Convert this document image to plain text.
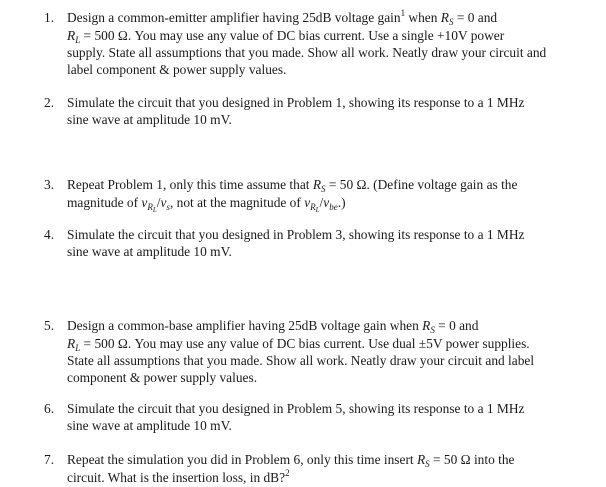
1. Design a common-emitter amplifier having 25dB voltage gain$^1$ when $R_S = 0$ and
$R_L = 500$ Ω. You may use any value of DC bias current. Use a single +10V power
supply. State all assumptions that you made. Show all work. Neatly draw your circuit and
label component & power supply values.
2. Simulate the circuit that you designed in Problem 1, showing its response to a 1 MHz
sine wave at amplitude 10 mV.
3. Repeat Problem 1, only this time assume that $R_S = 50$ Ω. (Define voltage gain as the
magnitude of $v_{RL}/v_s$, not at the magnitude of $v_{RL}/v_{be}$.)
4. Simulate the circuit that you designed in Problem 3, showing its response to a 1 MHz
sine wave at amplitude 10 mV.
5. Design a common-base amplifier having 25dB voltage gain when $R_S = 0$ and
$R_L = 500$ Ω. You may use any value of DC bias current. Use dual ±5V power supplies.
State all assumptions that you made. Show all work. Neatly draw your circuit and label
component & power supply values.
6. Simulate the circuit that you designed in Problem 5, showing its response to a 1 MHz
sine wave at amplitude 10 mV.
7. Repeat the simulation you did in Problem 6, only this time insert $R_S = 50$ Ω into the
circuit. What is the insertion loss, in dB?$^2$
